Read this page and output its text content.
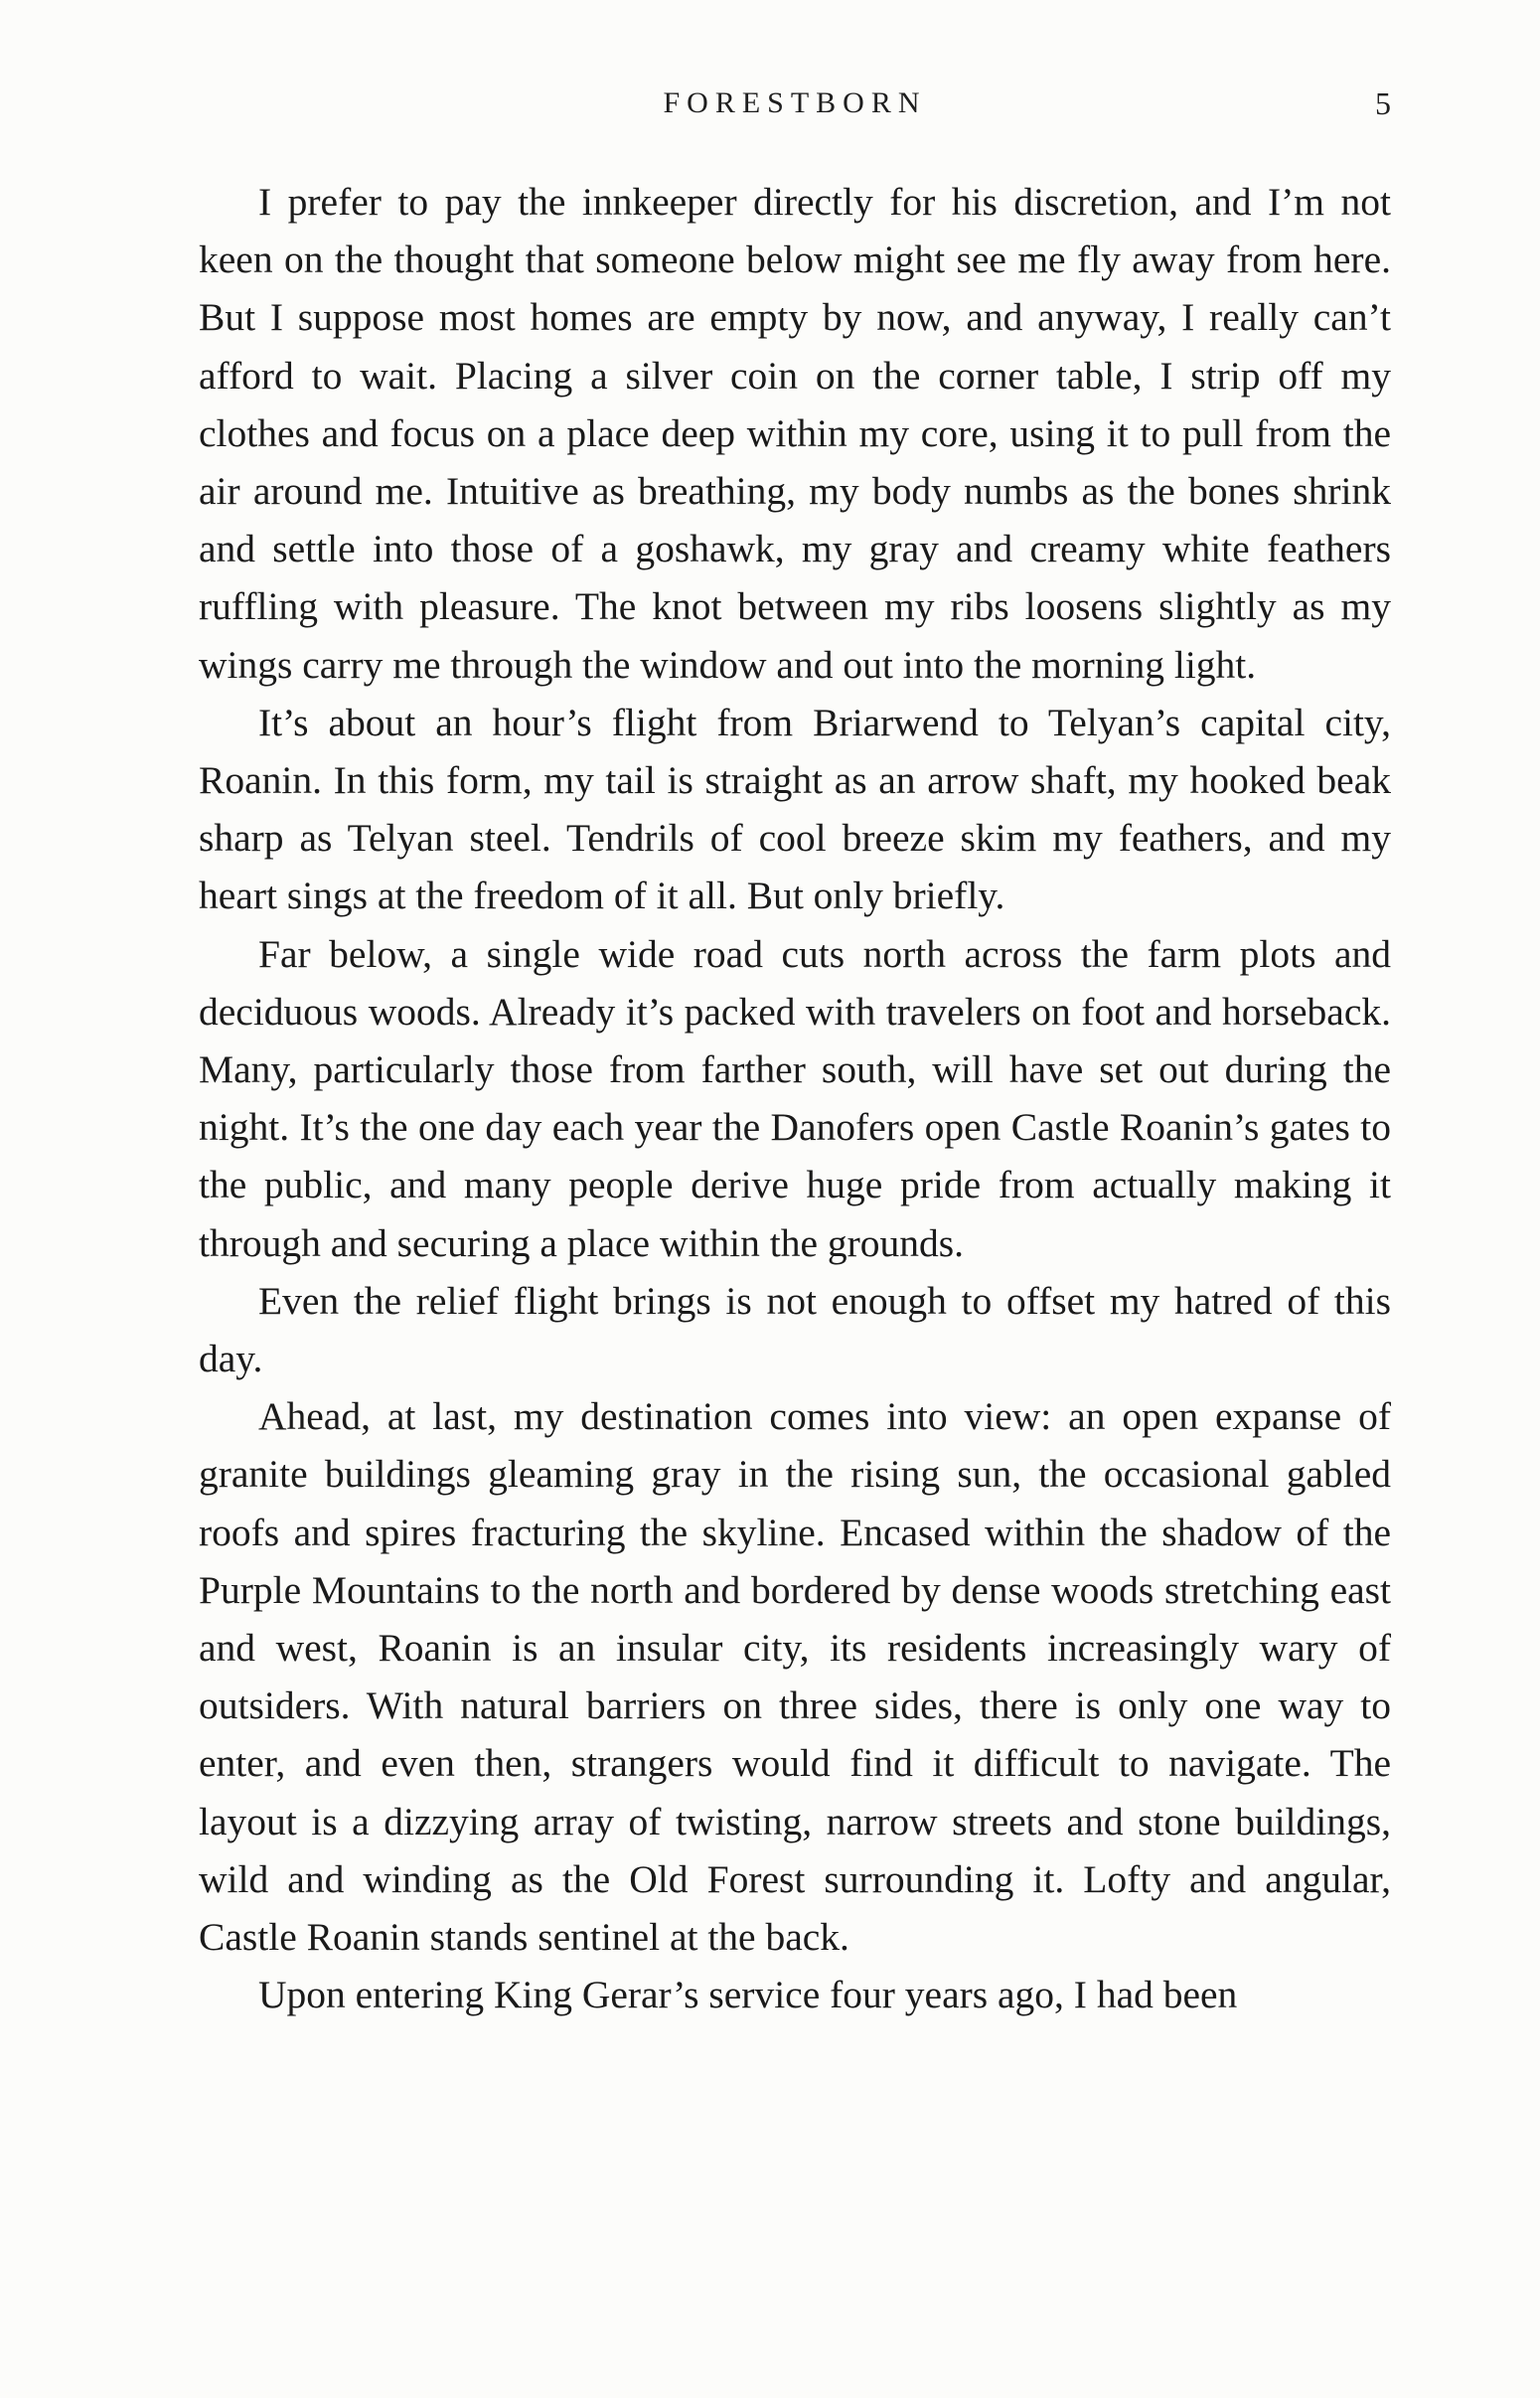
FORESTBORN	5

I prefer to pay the innkeeper directly for his discretion, and I’m not keen on the thought that someone below might see me fly away from here. But I suppose most homes are empty by now, and anyway, I really can’t afford to wait. Placing a silver coin on the corner table, I strip off my clothes and focus on a place deep within my core, using it to pull from the air around me. Intuitive as breathing, my body numbs as the bones shrink and settle into those of a goshawk, my gray and creamy white feathers ruffling with pleasure. The knot between my ribs loosens slightly as my wings carry me through the window and out into the morning light.

It’s about an hour’s flight from Briarwend to Telyan’s capital city, Roanin. In this form, my tail is straight as an arrow shaft, my hooked beak sharp as Telyan steel. Tendrils of cool breeze skim my feathers, and my heart sings at the freedom of it all. But only briefly.

Far below, a single wide road cuts north across the farm plots and deciduous woods. Already it’s packed with travelers on foot and horseback. Many, particularly those from farther south, will have set out during the night. It’s the one day each year the Danofers open Castle Roanin’s gates to the public, and many people derive huge pride from actually making it through and securing a place within the grounds.

Even the relief flight brings is not enough to offset my hatred of this day.

Ahead, at last, my destination comes into view: an open expanse of granite buildings gleaming gray in the rising sun, the occasional gabled roofs and spires fracturing the skyline. Encased within the shadow of the Purple Mountains to the north and bordered by dense woods stretching east and west, Roanin is an insular city, its residents increasingly wary of outsiders. With natural barriers on three sides, there is only one way to enter, and even then, strangers would find it difficult to navigate. The layout is a dizzying array of twisting, narrow streets and stone buildings, wild and winding as the Old Forest surrounding it. Lofty and angular, Castle Roanin stands sentinel at the back.

Upon entering King Gerar’s service four years ago, I had been
